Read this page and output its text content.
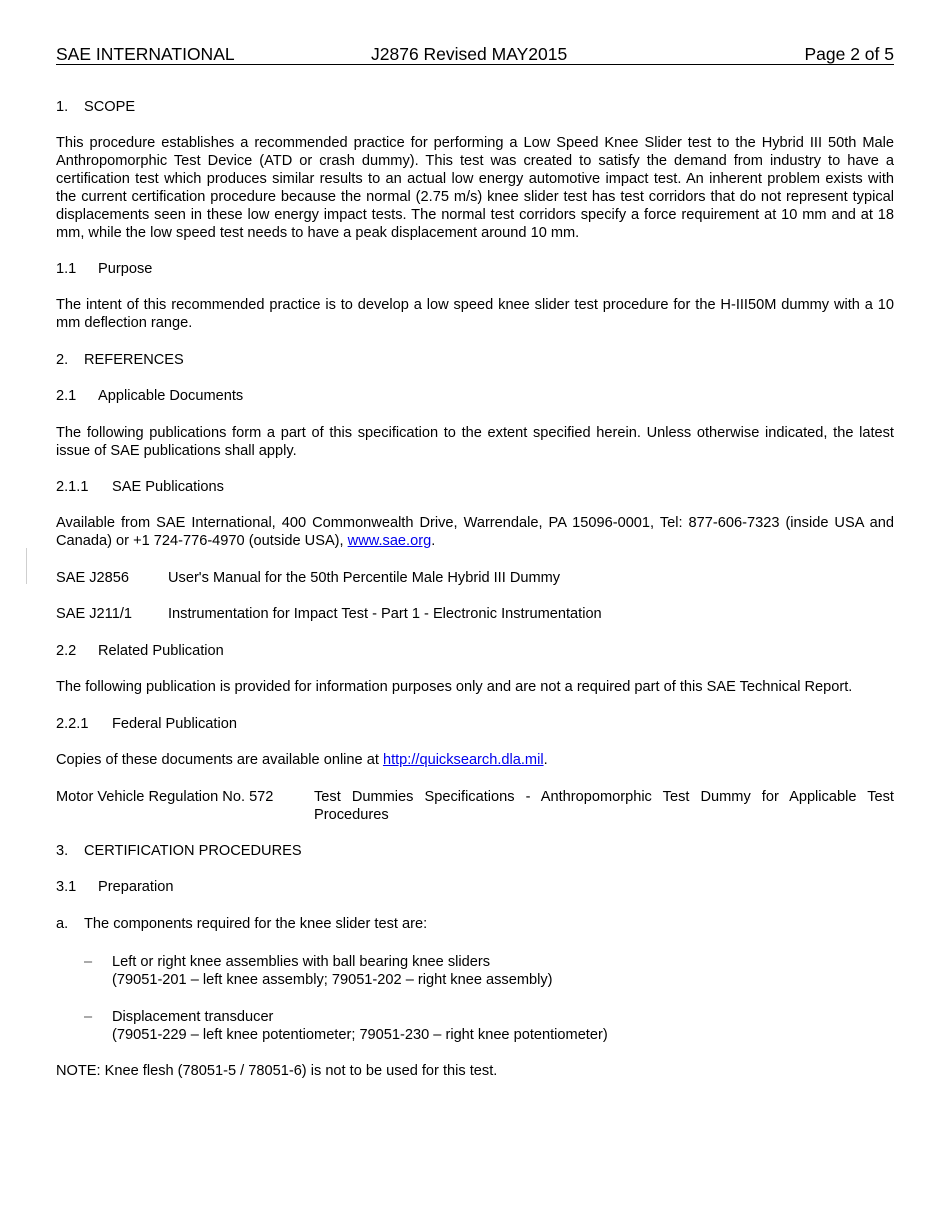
SAE INTERNATIONAL	J2876 Revised MAY2015	Page 2 of 5
1. SCOPE
This procedure establishes a recommended practice for performing a Low Speed Knee Slider test to the Hybrid III 50th Male Anthropomorphic Test Device (ATD or crash dummy). This test was created to satisfy the demand from industry to have a certification test which produces similar results to an actual low energy automotive impact test. An inherent problem exists with the current certification procedure because the normal (2.75 m/s) knee slider test has test corridors that do not represent typical displacements seen in these low energy impact tests. The normal test corridors specify a force requirement at 10 mm and at 18 mm, while the low speed test needs to have a peak displacement around 10 mm.
1.1 Purpose
The intent of this recommended practice is to develop a low speed knee slider test procedure for the H-III50M dummy with a 10 mm deflection range.
2. REFERENCES
2.1 Applicable Documents
The following publications form a part of this specification to the extent specified herein. Unless otherwise indicated, the latest issue of SAE publications shall apply.
2.1.1 SAE Publications
Available from SAE International, 400 Commonwealth Drive, Warrendale, PA 15096-0001, Tel: 877-606-7323 (inside USA and Canada) or +1 724-776-4970 (outside USA), www.sae.org.
SAE J2856	User's Manual for the 50th Percentile Male Hybrid III Dummy
SAE J211/1 Instrumentation for Impact Test - Part 1 - Electronic Instrumentation
2.2 Related Publication
The following publication is provided for information purposes only and are not a required part of this SAE Technical Report.
2.2.1 Federal Publication
Copies of these documents are available online at http://quicksearch.dla.mil.
Motor Vehicle Regulation No. 572	Test Dummies Specifications - Anthropomorphic Test Dummy for Applicable Test Procedures
3. CERTIFICATION PROCEDURES
3.1 Preparation
a. The components required for the knee slider test are:
– Left or right knee assemblies with ball bearing knee sliders
(79051-201 – left knee assembly; 79051-202 – right knee assembly)
– Displacement transducer
(79051-229 – left knee potentiometer; 79051-230 – right knee potentiometer)
NOTE: Knee flesh (78051-5 / 78051-6) is not to be used for this test.
